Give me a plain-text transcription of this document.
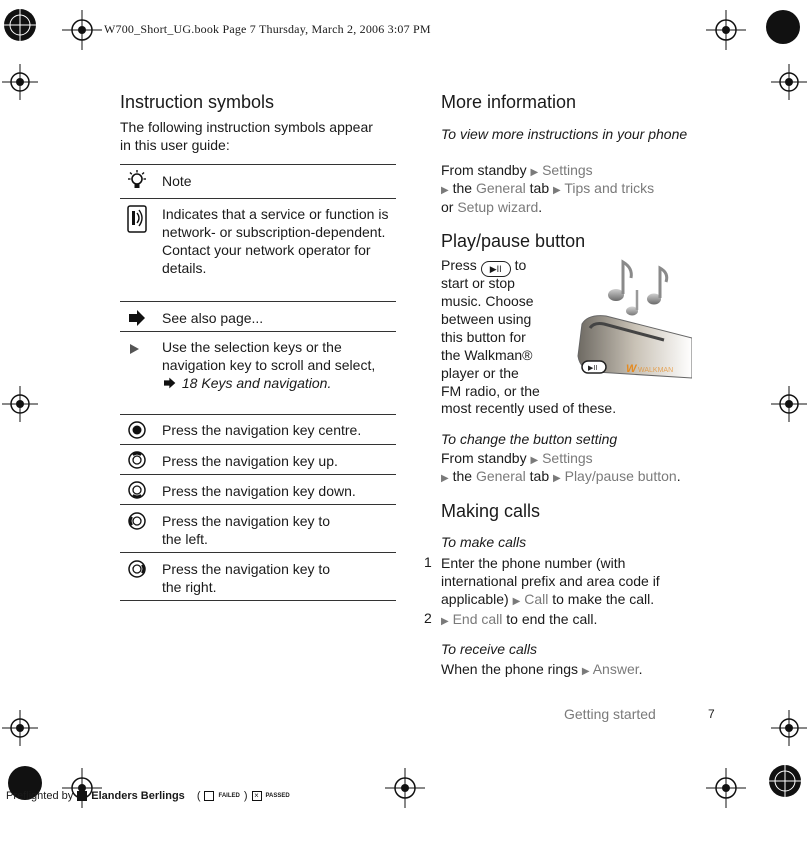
W700_Short_UG.book Page 7 Thursday, March 2, 2006 3:07 PM
Instruction symbols
The following instruction symbols appear in this user guide:
Note
Indicates that a service or function is network- or subscription-dependent. Contact your network operator for details.
See also page...
Use the selection keys or the navigation key to scroll and select,  18 Keys and navigation.
Press the navigation key centre.
Press the navigation key up.
Press the navigation key down.
Press the navigation key to the left.
Press the navigation key to the right.
More information
To view more instructions in your phone
From standby ▶ Settings
▶ the General tab ▶ Tips and tricks
or Setup wizard.
Play/pause button
Press ▶II to
start or stop
music. Choose
between using
this button for
the Walkman®
player or the
FM radio, or the
most recently used of these.
▶II	W WALKMAN
To change the button setting
From standby ▶ Settings
▶ the General tab ▶ Play/pause button.
Making calls
To make calls
1 Enter the phone number (with
international prefix and area code if
applicable) ▶ Call to make the call.
2 ▶ End call to end the call.
To receive calls
When the phone rings ▶ Answer.
Getting started	7
Preflighted by Elanders Berlings (	FAILED ) ×	PASSED
